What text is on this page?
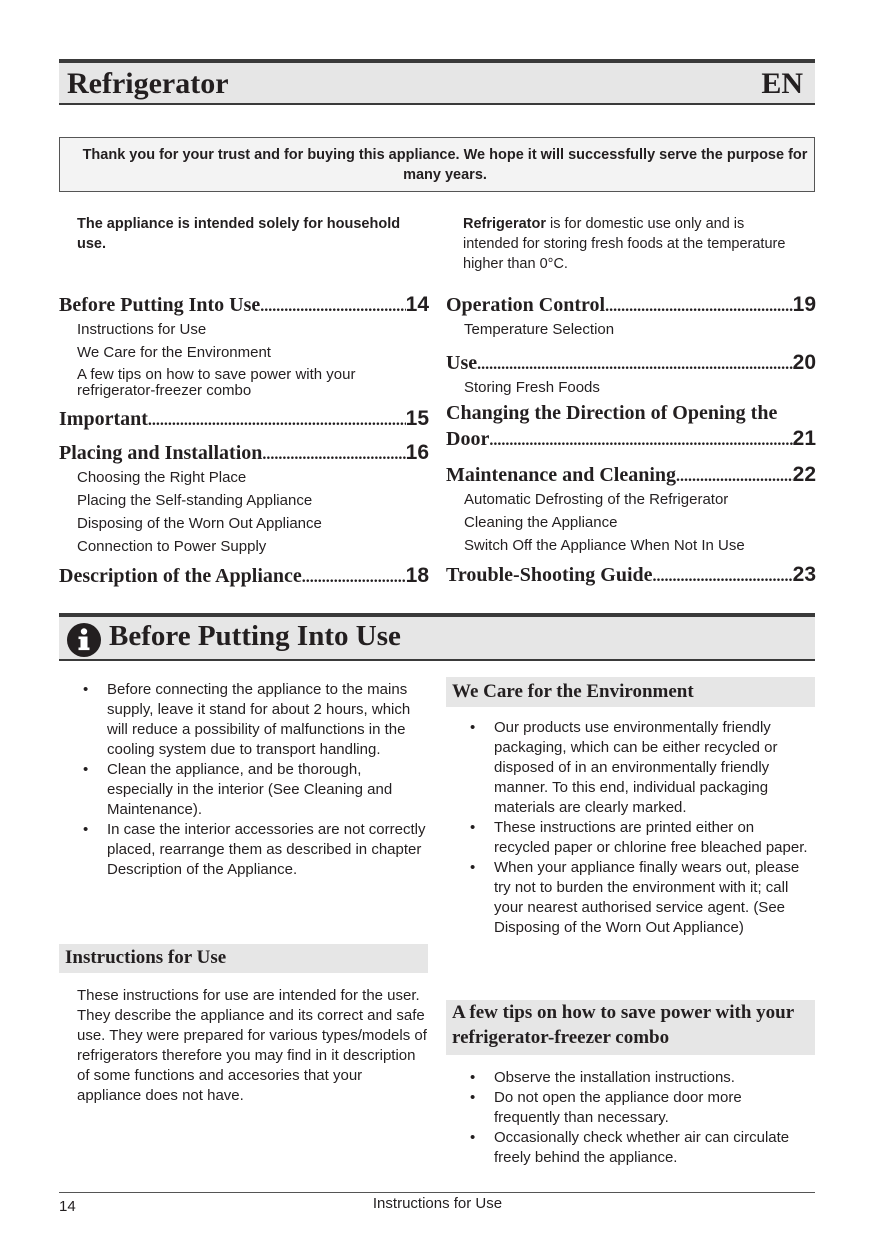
Refrigerator	EN
Thank you for your trust and for buying this appliance. We hope it will successfully serve the purpose for many years.
The appliance is intended solely for household use.
Refrigerator is for domestic use only and is intended for storing fresh foods at the temperature higher than 0°C.
Before Putting Into Use .....	14
Instructions for Use
We Care for the Environment
A few tips on how to save power with your refrigerator-freezer combo
Important .....	15
Placing and Installation .....	16
Choosing the Right Place
Placing the Self-standing Appliance
Disposing of the Worn Out Appliance
Connection to Power Supply
Description of the Appliance .....	18
Operation Control .....	19
Temperature Selection
Use .....	20
Storing Fresh Foods
Changing the Direction of Opening the
Door .....	21
Maintenance and Cleaning .....	22
Automatic Defrosting of the Refrigerator
Cleaning the Appliance
Switch Off the Appliance When Not In Use
Trouble-Shooting Guide .....	23
Before Putting Into Use
• Before connecting the appliance to the mains supply, leave it stand for about 2 hours, which will reduce a possibility of malfunctions in the cooling system due to transport handling.
• Clean the appliance, and be thorough, especially in the interior (See Cleaning and Maintenance).
• In case the interior accessories are not correctly placed, rearrange them as described in chapter Description of the Appliance.
Instructions for Use
These instructions for use are intended for the user. They describe the appliance and its correct and safe use. They were prepared for various types/models of refrigerators therefore you may find in it description of some functions and accesories that your appliance does not have.
We Care for the Environment
• Our products use environmentally friendly packaging, which can be either recycled or disposed of in an environmentally friendly manner. To this end, individual packaging materials are clearly marked.
• These instructions are printed either on recycled paper or chlorine free bleached paper.
• When your appliance finally wears out, please try not to burden the environment with it; call your nearest authorised service agent. (See Disposing of the Worn Out Appliance)
A few tips on how to save power with your refrigerator-freezer combo
• Observe the installation instructions.
• Do not open the appliance door more frequently than necessary.
• Occasionally check whether air can circulate freely behind the appliance.
14	Instructions for Use
